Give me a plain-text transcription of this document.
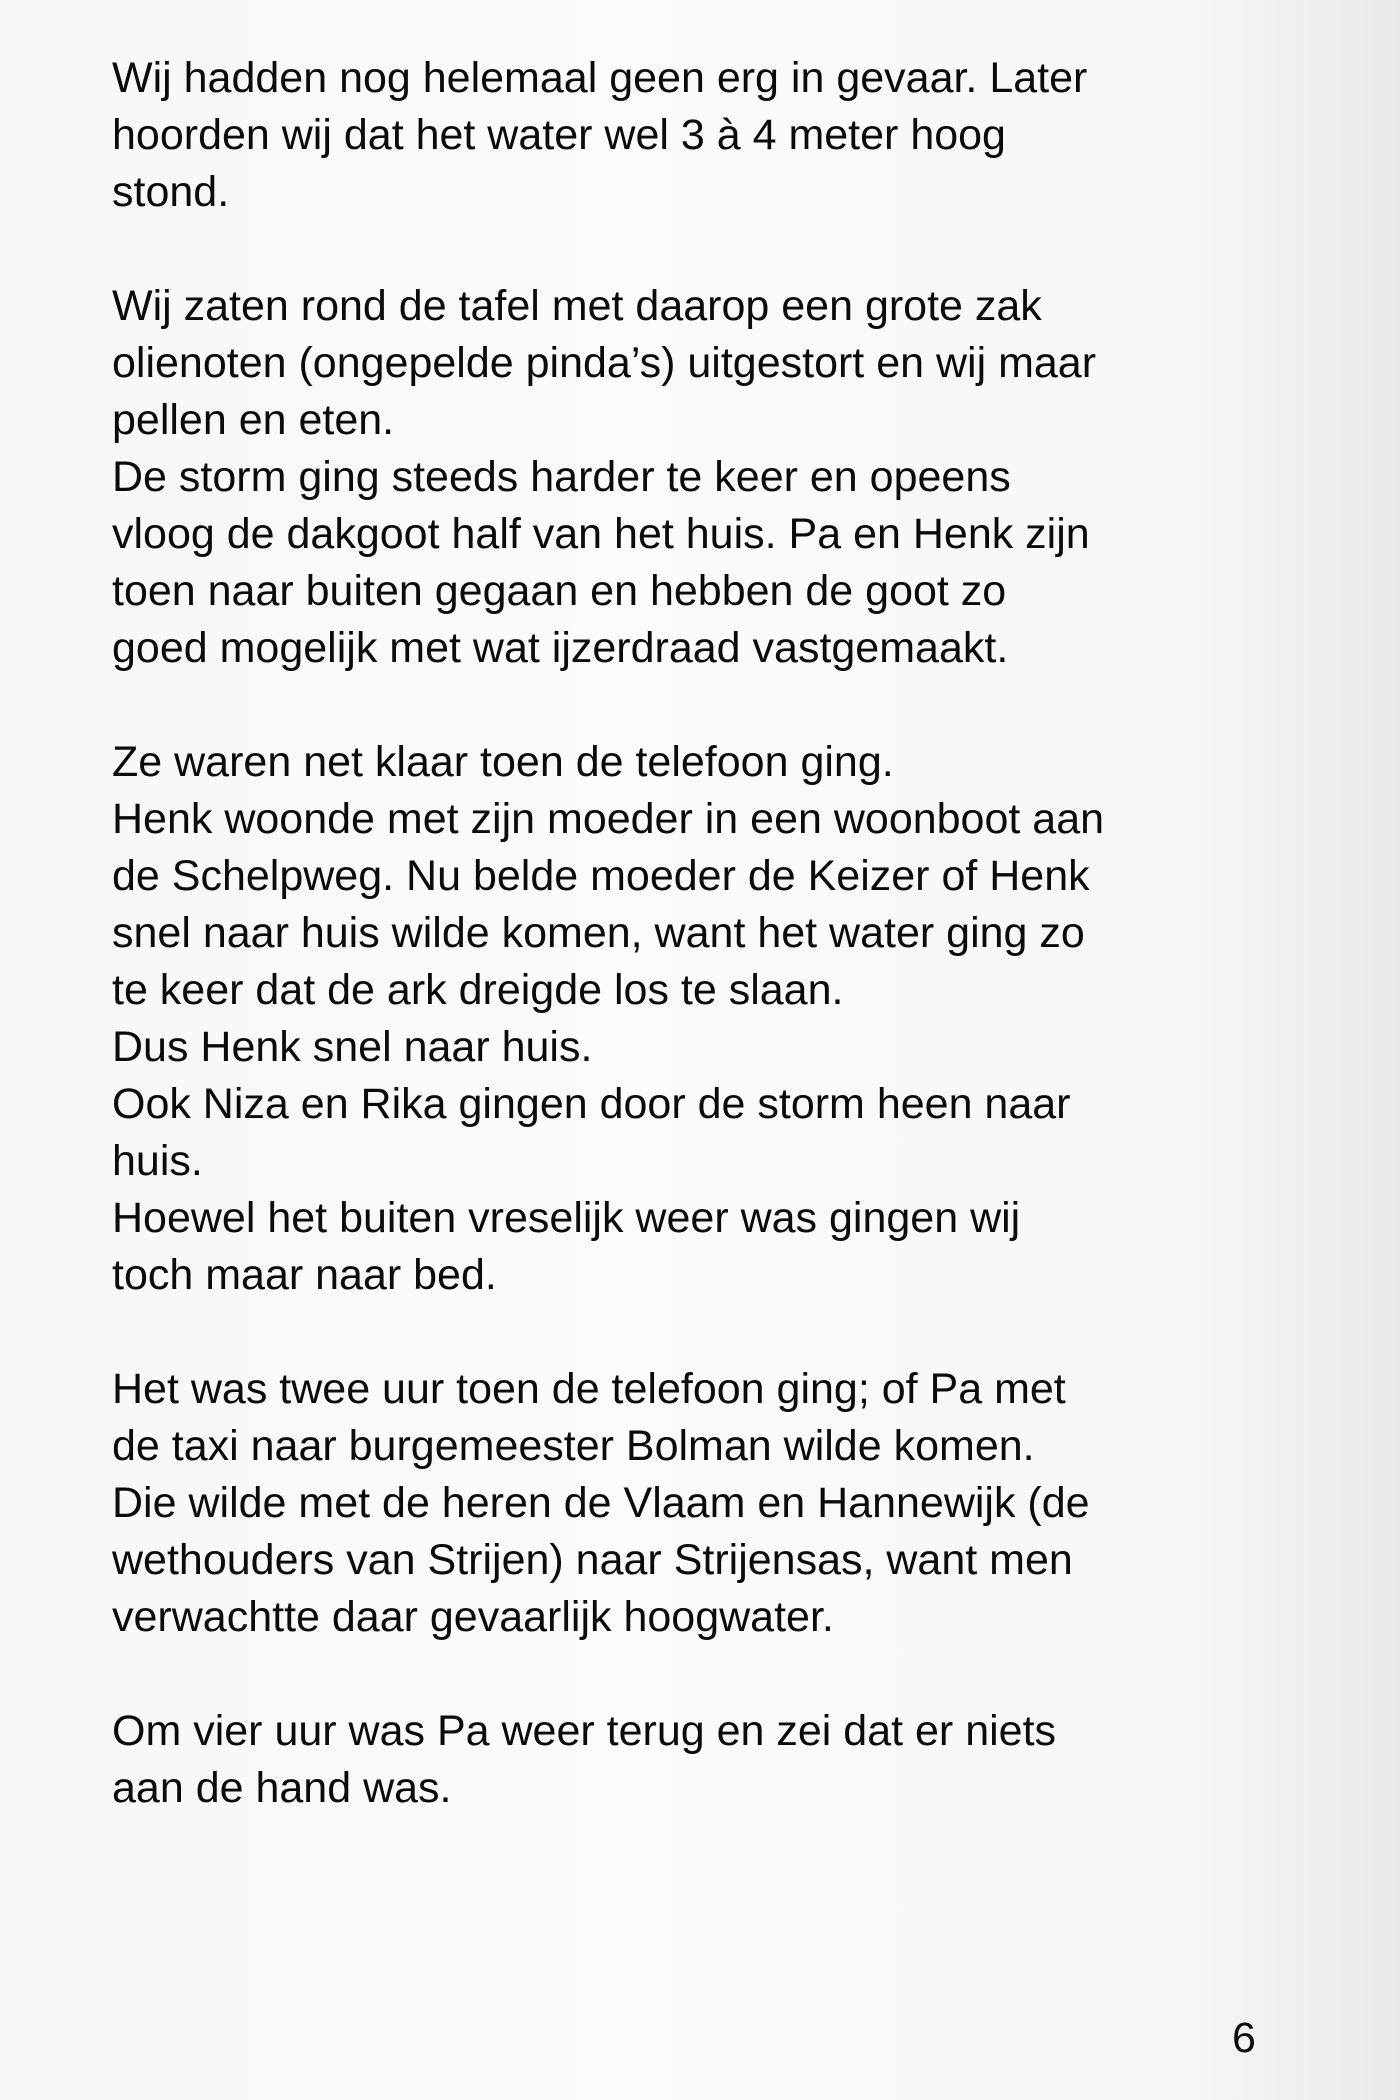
Wij hadden nog helemaal geen erg in gevaar. Later
hoorden wij dat het water wel 3 à 4 meter hoog
stond.
Wij zaten rond de tafel met daarop een grote zak
olienoten (ongepelde pinda’s) uitgestort en wij maar
pellen en eten.
De storm ging steeds harder te keer en opeens
vloog de dakgoot half van het huis. Pa en Henk zijn
toen naar buiten gegaan en hebben de goot zo
goed mogelijk met wat ijzerdraad vastgemaakt.
Ze waren net klaar toen de telefoon ging.
Henk woonde met zijn moeder in een woonboot aan
de Schelpweg. Nu belde moeder de Keizer of Henk
snel naar huis wilde komen, want het water ging zo
te keer dat de ark dreigde los te slaan.
Dus Henk snel naar huis.
Ook Niza en Rika gingen door de storm heen naar
huis.
Hoewel het buiten vreselijk weer was gingen wij
toch maar naar bed.
Het was twee uur toen de telefoon ging; of Pa met
de taxi naar burgemeester Bolman wilde komen.
Die wilde met de heren de Vlaam en Hannewijk (de
wethouders van Strijen) naar Strijensas, want men
verwachtte daar gevaarlijk hoogwater.
Om vier uur was Pa weer terug en zei dat er niets
aan de hand was.
6
